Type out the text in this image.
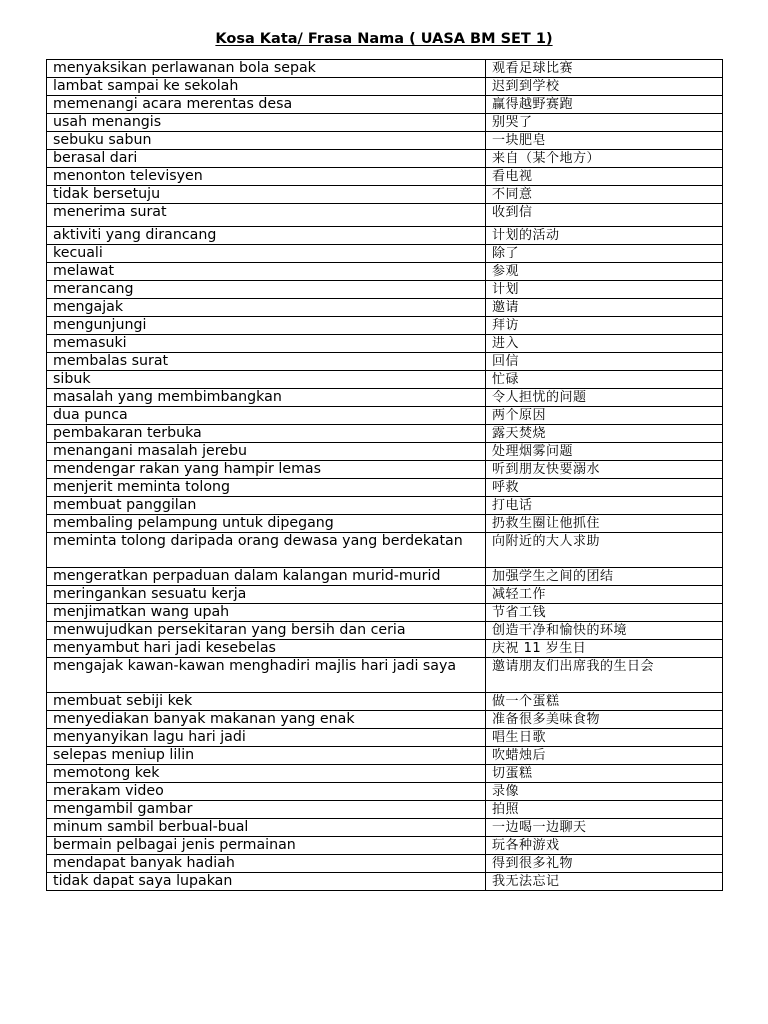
Kosa Kata/ Frasa Nama ( UASA BM SET 1)
menyaksikan perlawanan bola sepak	观看足球比赛
lambat sampai ke sekolah	迟到到学校
memenangi acara merentas desa	赢得越野赛跑
usah menangis	别哭了
sebuku sabun	一块肥皂
berasal dari	来自（某个地方）
menonton televisyen	看电视
tidak bersetuju	不同意
menerima surat	收到信
aktiviti yang dirancang	计划的活动
kecuali	除了
melawat	参观
merancang	计划
mengajak	邀请
mengunjungi	拜访
memasuki	进入
membalas surat	回信
sibuk	忙碌
masalah yang membimbangkan	令人担忧的问题
dua punca	两个原因
pembakaran terbuka	露天焚烧
menangani masalah jerebu	处理烟雾问题
mendengar rakan yang hampir lemas	听到朋友快要溺水
menjerit meminta tolong	呼救
membuat panggilan	打电话
membaling pelampung untuk dipegang	扔救生圈让他抓住
meminta tolong daripada orang dewasa yang berdekatan	向附近的大人求助
mengeratkan perpaduan dalam kalangan murid-murid	加强学生之间的团结
meringankan sesuatu kerja	减轻工作
menjimatkan wang upah	节省工钱
menwujudkan persekitaran yang bersih dan ceria	创造干净和愉快的环境
menyambut hari jadi kesebelas	庆祝 11 岁生日
mengajak kawan-kawan menghadiri majlis hari jadi saya	邀请朋友们出席我的生日会
membuat sebiji kek	做一个蛋糕
menyediakan banyak makanan yang enak	准备很多美味食物
menyanyikan lagu hari jadi	唱生日歌
selepas meniup lilin	吹蜡烛后
memotong kek	切蛋糕
merakam video	录像
mengambil gambar	拍照
minum sambil berbual-bual	一边喝一边聊天
bermain pelbagai jenis permainan	玩各种游戏
mendapat banyak hadiah	得到很多礼物
tidak dapat saya lupakan	我无法忘记
